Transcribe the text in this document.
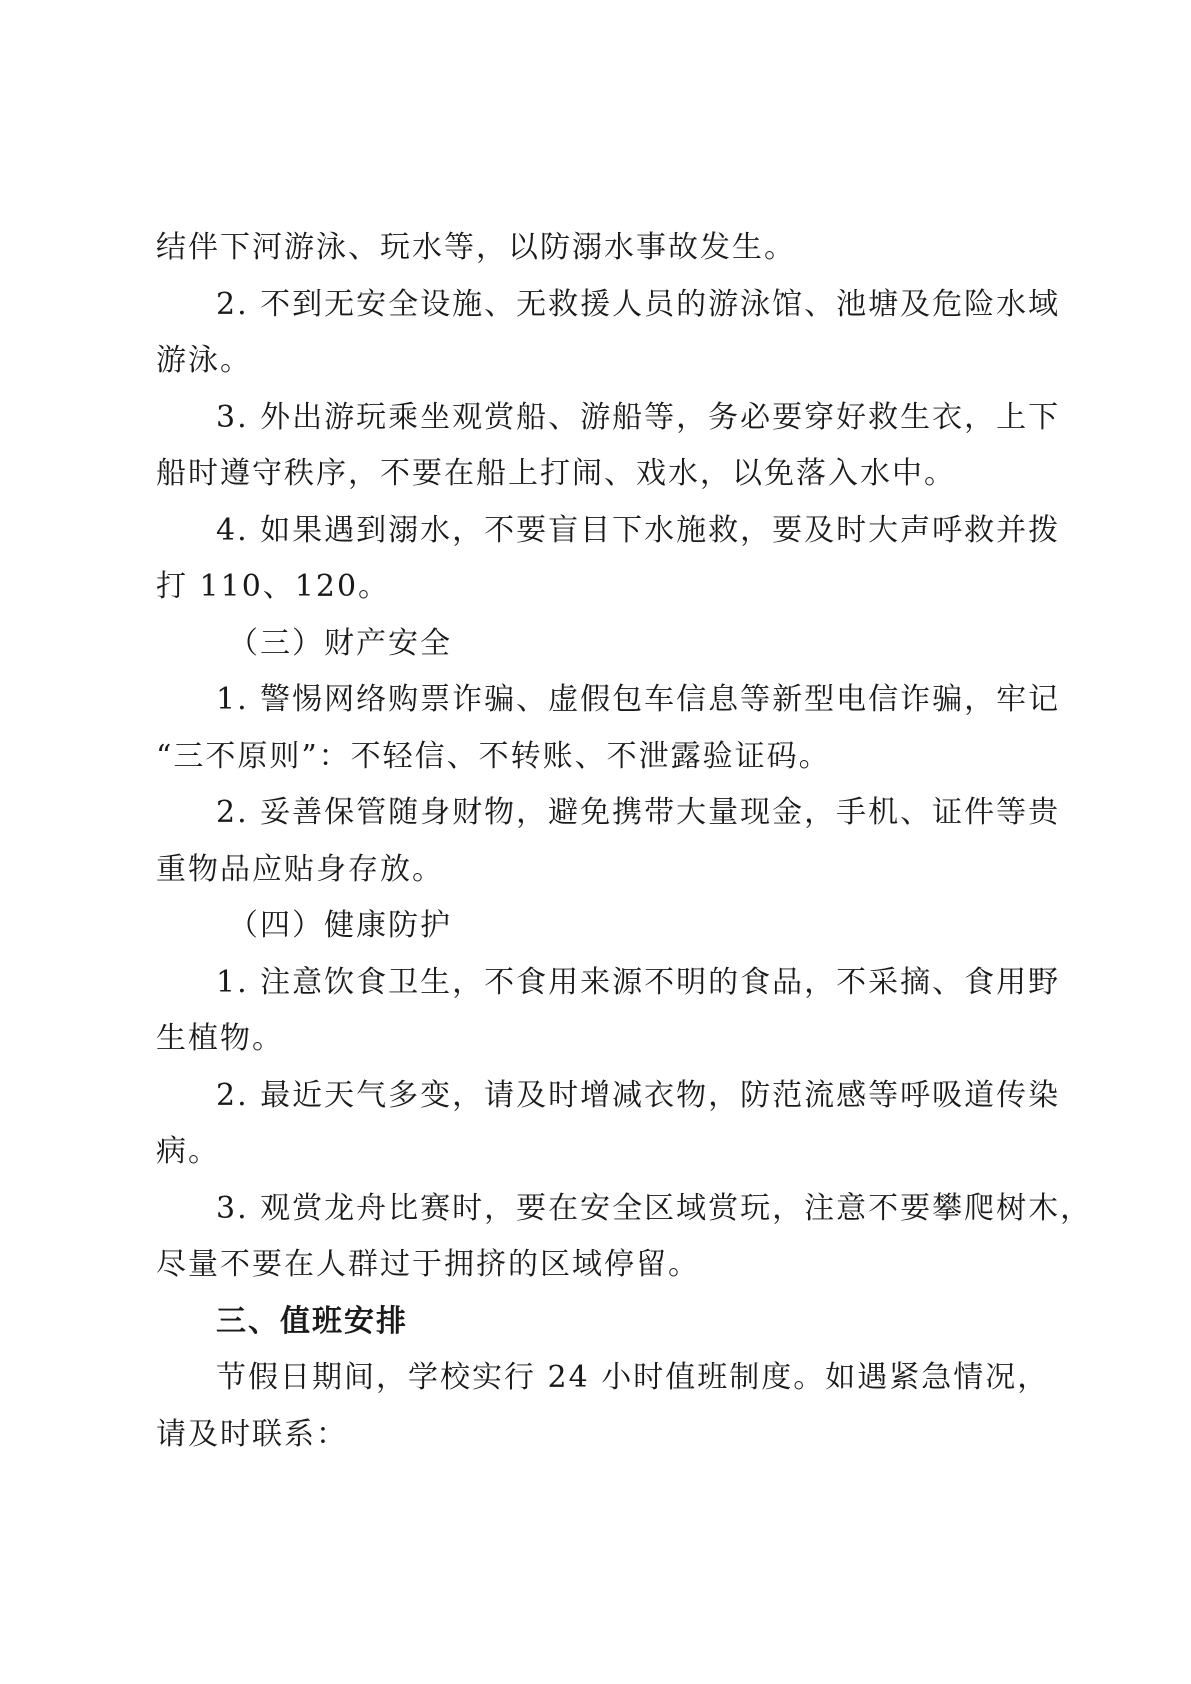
结伴下河游泳、玩水等，以防溺水事故发生。
2. 不到无安全设施、无救援人员的游泳馆、池塘及危险水域
游泳。
3. 外出游玩乘坐观赏船、游船等，务必要穿好救生衣，上下
船时遵守秩序，不要在船上打闹、戏水，以免落入水中。
4. 如果遇到溺水，不要盲目下水施救，要及时大声呼救并拨
打 110、120。
（三）财产安全
1. 警惕网络购票诈骗、虚假包车信息等新型电信诈骗，牢记
“三不原则”：不轻信、不转账、不泄露验证码。
2. 妥善保管随身财物，避免携带大量现金，手机、证件等贵
重物品应贴身存放。
（四）健康防护
1. 注意饮食卫生，不食用来源不明的食品，不采摘、食用野
生植物。
2. 最近天气多变，请及时增减衣物，防范流感等呼吸道传染
病。
3. 观赏龙舟比赛时，要在安全区域赏玩，注意不要攀爬树木，
尽量不要在人群过于拥挤的区域停留。
三、值班安排
节假日期间，学校实行 24 小时值班制度。如遇紧急情况，
请及时联系：
